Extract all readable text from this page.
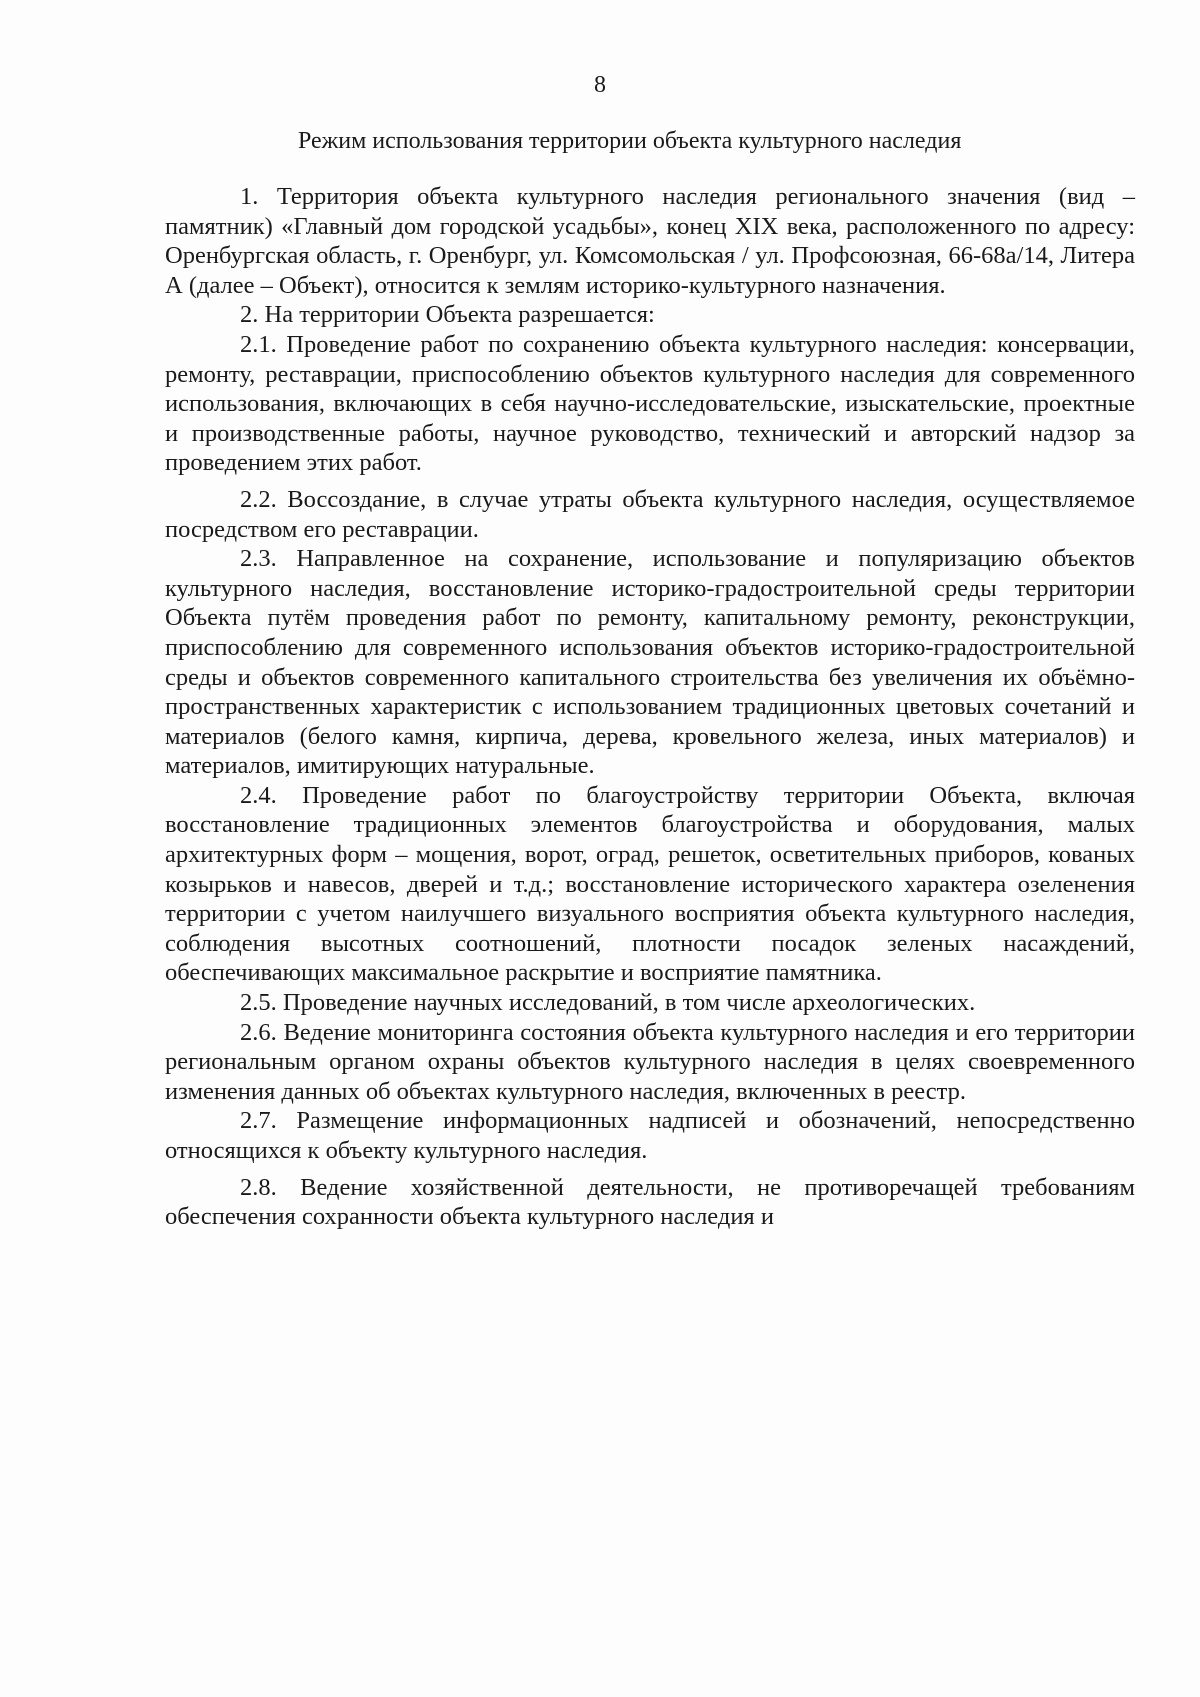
8
Режим использования территории объекта культурного наследия

1. Территория объекта культурного наследия регионального значения (вид – памятник) «Главный дом городской усадьбы», конец XIX века, расположенного по адресу: Оренбургская область, г. Оренбург, ул. Комсомольская / ул. Профсоюзная, 66-68а/14, Литера А (далее – Объект), относится к землям историко-культурного назначения.

2. На территории Объекта разрешается:

2.1. Проведение работ по сохранению объекта культурного наследия: консервации, ремонту, реставрации, приспособлению объектов культурного наследия для современного использования, включающих в себя научно-исследовательские, изыскательские, проектные и производственные работы, научное руководство, технический и авторский надзор за проведением этих работ.

2.2. Воссоздание, в случае утраты объекта культурного наследия, осуществляемое посредством его реставрации.

2.3. Направленное на сохранение, использование и популяризацию объектов культурного наследия, восстановление историко-градостроительной среды территории Объекта путём проведения работ по ремонту, капитальному ремонту, реконструкции, приспособлению для современного использования объектов историко-градостроительной среды и объектов современного капитального строительства без увеличения их объёмно-пространственных характеристик с использованием традиционных цветовых сочетаний и материалов (белого камня, кирпича, дерева, кровельного железа, иных материалов) и материалов, имитирующих натуральные.

2.4. Проведение работ по благоустройству территории Объекта, включая восстановление традиционных элементов благоустройства и оборудования, малых архитектурных форм – мощения, ворот, оград, решеток, осветительных приборов, кованых козырьков и навесов, дверей и т.д.; восстановление исторического характера озеленения территории с учетом наилучшего визуального восприятия объекта культурного наследия, соблюдения высотных соотношений, плотности посадок зеленых насаждений, обеспечивающих максимальное раскрытие и восприятие памятника.

2.5. Проведение научных исследований, в том числе археологических.

2.6. Ведение мониторинга состояния объекта культурного наследия и его территории региональным органом охраны объектов культурного наследия в целях своевременного изменения данных об объектах культурного наследия, включенных в реестр.

2.7. Размещение информационных надписей и обозначений, непосредственно относящихся к объекту культурного наследия.

2.8. Ведение хозяйственной деятельности, не противоречащей требованиям обеспечения сохранности объекта культурного наследия и
